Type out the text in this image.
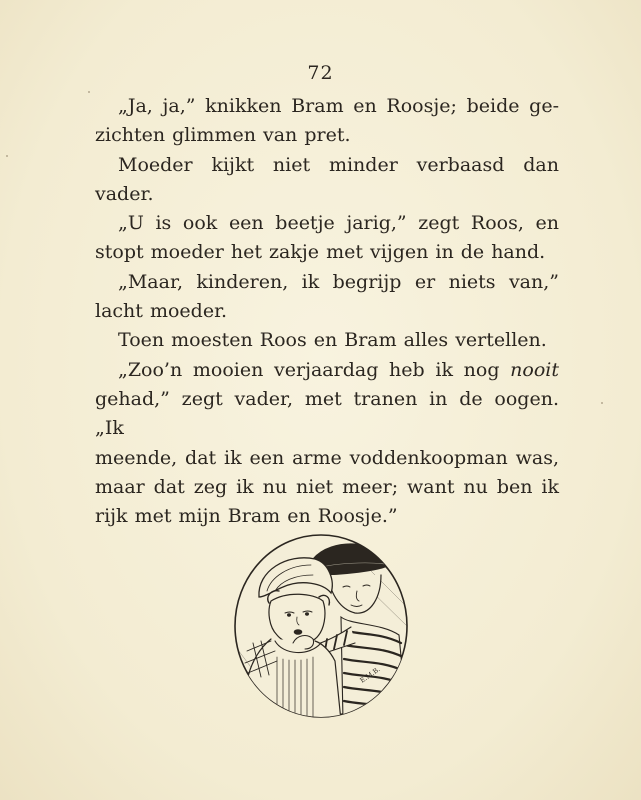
72

„Ja, ja,” knikken Bram en Roosje; beide ge-

zichten glimmen van pret.

Moeder kijkt niet minder verbaasd dan vader.

„U is ook een beetje jarig,” zegt Roos, en

stopt moeder het zakje met vijgen in de hand.

„Maar, kinderen, ik begrijp er niets van,”

lacht moeder.

Toen moesten Roos en Bram alles vertellen.

„Zoo’n mooien verjaardag heb ik nog nooit

gehad,” zegt vader, met tranen in de oogen. „Ik

meende, dat ik een arme voddenkoopman was,

maar dat zeg ik nu niet meer; want nu ben ik

rijk met mijn Bram en Roosje.”

E.M.B.
